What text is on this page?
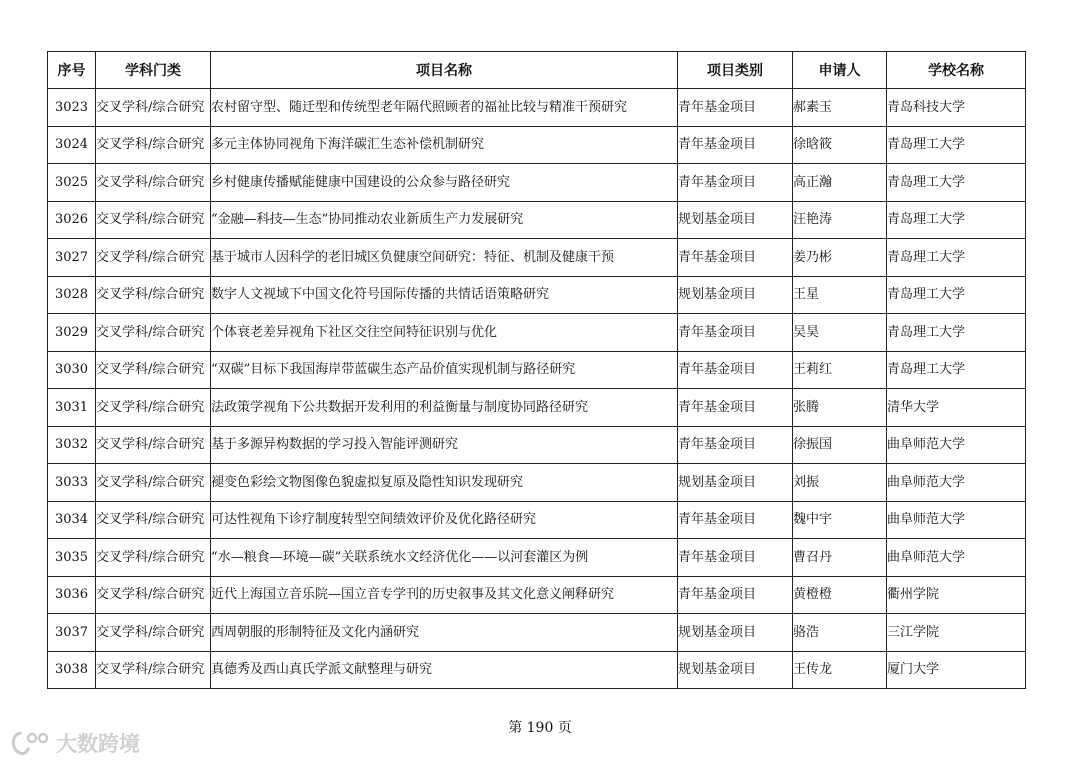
序号	学科门类	项目名称	项目类别	申请人	学校名称
3023	交叉学科/综合研究	农村留守型、随迁型和传统型老年隔代照顾者的福祉比较与精准干预研究	青年基金项目	郝素玉	青岛科技大学
3024	交叉学科/综合研究	多元主体协同视角下海洋碳汇生态补偿机制研究	青年基金项目	徐晗筱	青岛理工大学
3025	交叉学科/综合研究	乡村健康传播赋能健康中国建设的公众参与路径研究	青年基金项目	高正瀚	青岛理工大学
3026	交叉学科/综合研究	“金融—科技—生态”协同推动农业新质生产力发展研究	规划基金项目	汪艳涛	青岛理工大学
3027	交叉学科/综合研究	基于城市人因科学的老旧城区负健康空间研究：特征、机制及健康干预	青年基金项目	姜乃彬	青岛理工大学
3028	交叉学科/综合研究	数字人文视域下中国文化符号国际传播的共情话语策略研究	规划基金项目	王星	青岛理工大学
3029	交叉学科/综合研究	个体衰老差异视角下社区交往空间特征识别与优化	青年基金项目	吴昊	青岛理工大学
3030	交叉学科/综合研究	“双碳”目标下我国海岸带蓝碳生态产品价值实现机制与路径研究	青年基金项目	王莉红	青岛理工大学
3031	交叉学科/综合研究	法政策学视角下公共数据开发利用的利益衡量与制度协同路径研究	青年基金项目	张腾	清华大学
3032	交叉学科/综合研究	基于多源异构数据的学习投入智能评测研究	青年基金项目	徐振国	曲阜师范大学
3033	交叉学科/综合研究	褪变色彩绘文物图像色貌虚拟复原及隐性知识发现研究	规划基金项目	刘振	曲阜师范大学
3034	交叉学科/综合研究	可达性视角下诊疗制度转型空间绩效评价及优化路径研究	青年基金项目	魏中宇	曲阜师范大学
3035	交叉学科/综合研究	“水—粮食—环境—碳”关联系统水文经济优化——以河套灌区为例	青年基金项目	曹召丹	曲阜师范大学
3036	交叉学科/综合研究	近代上海国立音乐院—国立音专学刊的历史叙事及其文化意义阐释研究	青年基金项目	黄橙橙	衢州学院
3037	交叉学科/综合研究	西周朝服的形制特征及文化内涵研究	规划基金项目	骆浩	三江学院
3038	交叉学科/综合研究	真德秀及西山真氏学派文献整理与研究	规划基金项目	王传龙	厦门大学
第 190 页
大数跨境
